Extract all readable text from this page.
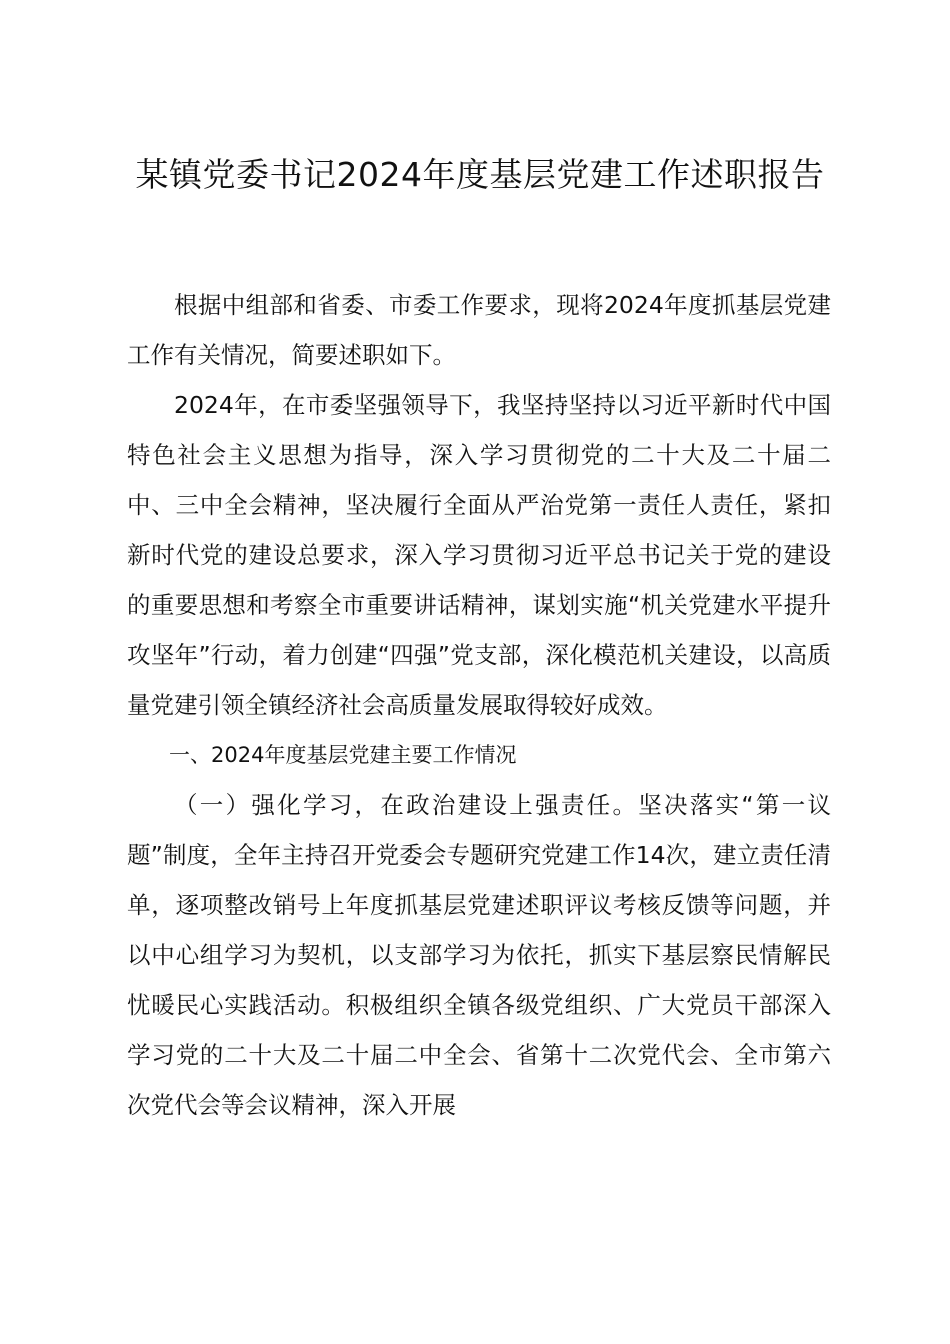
某镇党委书记2024年度基层党建工作述职报告

根据中组部和省委、市委工作要求，现将2024年度抓基层党建工作有关情况，简要述职如下。

2024年，在市委坚强领导下，我坚持坚持以习近平新时代中国特色社会主义思想为指导，深入学习贯彻党的二十大及二十届二中、三中全会精神，坚决履行全面从严治党第一责任人责任，紧扣新时代党的建设总要求，深入学习贯彻习近平总书记关于党的建设的重要思想和考察全市重要讲话精神，谋划实施“机关党建水平提升攻坚年”行动，着力创建“四强”党支部，深化模范机关建设，以高质量党建引领全镇经济社会高质量发展取得较好成效。

一、2024年度基层党建主要工作情况

（一）强化学习，在政治建设上强责任。坚决落实“第一议题”制度，全年主持召开党委会专题研究党建工作14次，建立责任清单，逐项整改销号上年度抓基层党建述职评议考核反馈等问题，并以中心组学习为契机，以支部学习为依托，抓实下基层察民情解民忧暖民心实践活动。积极组织全镇各级党组织、广大党员干部深入学习党的二十大及二十届二中全会、省第十二次党代会、全市第六次党代会等会议精神，深入开展
